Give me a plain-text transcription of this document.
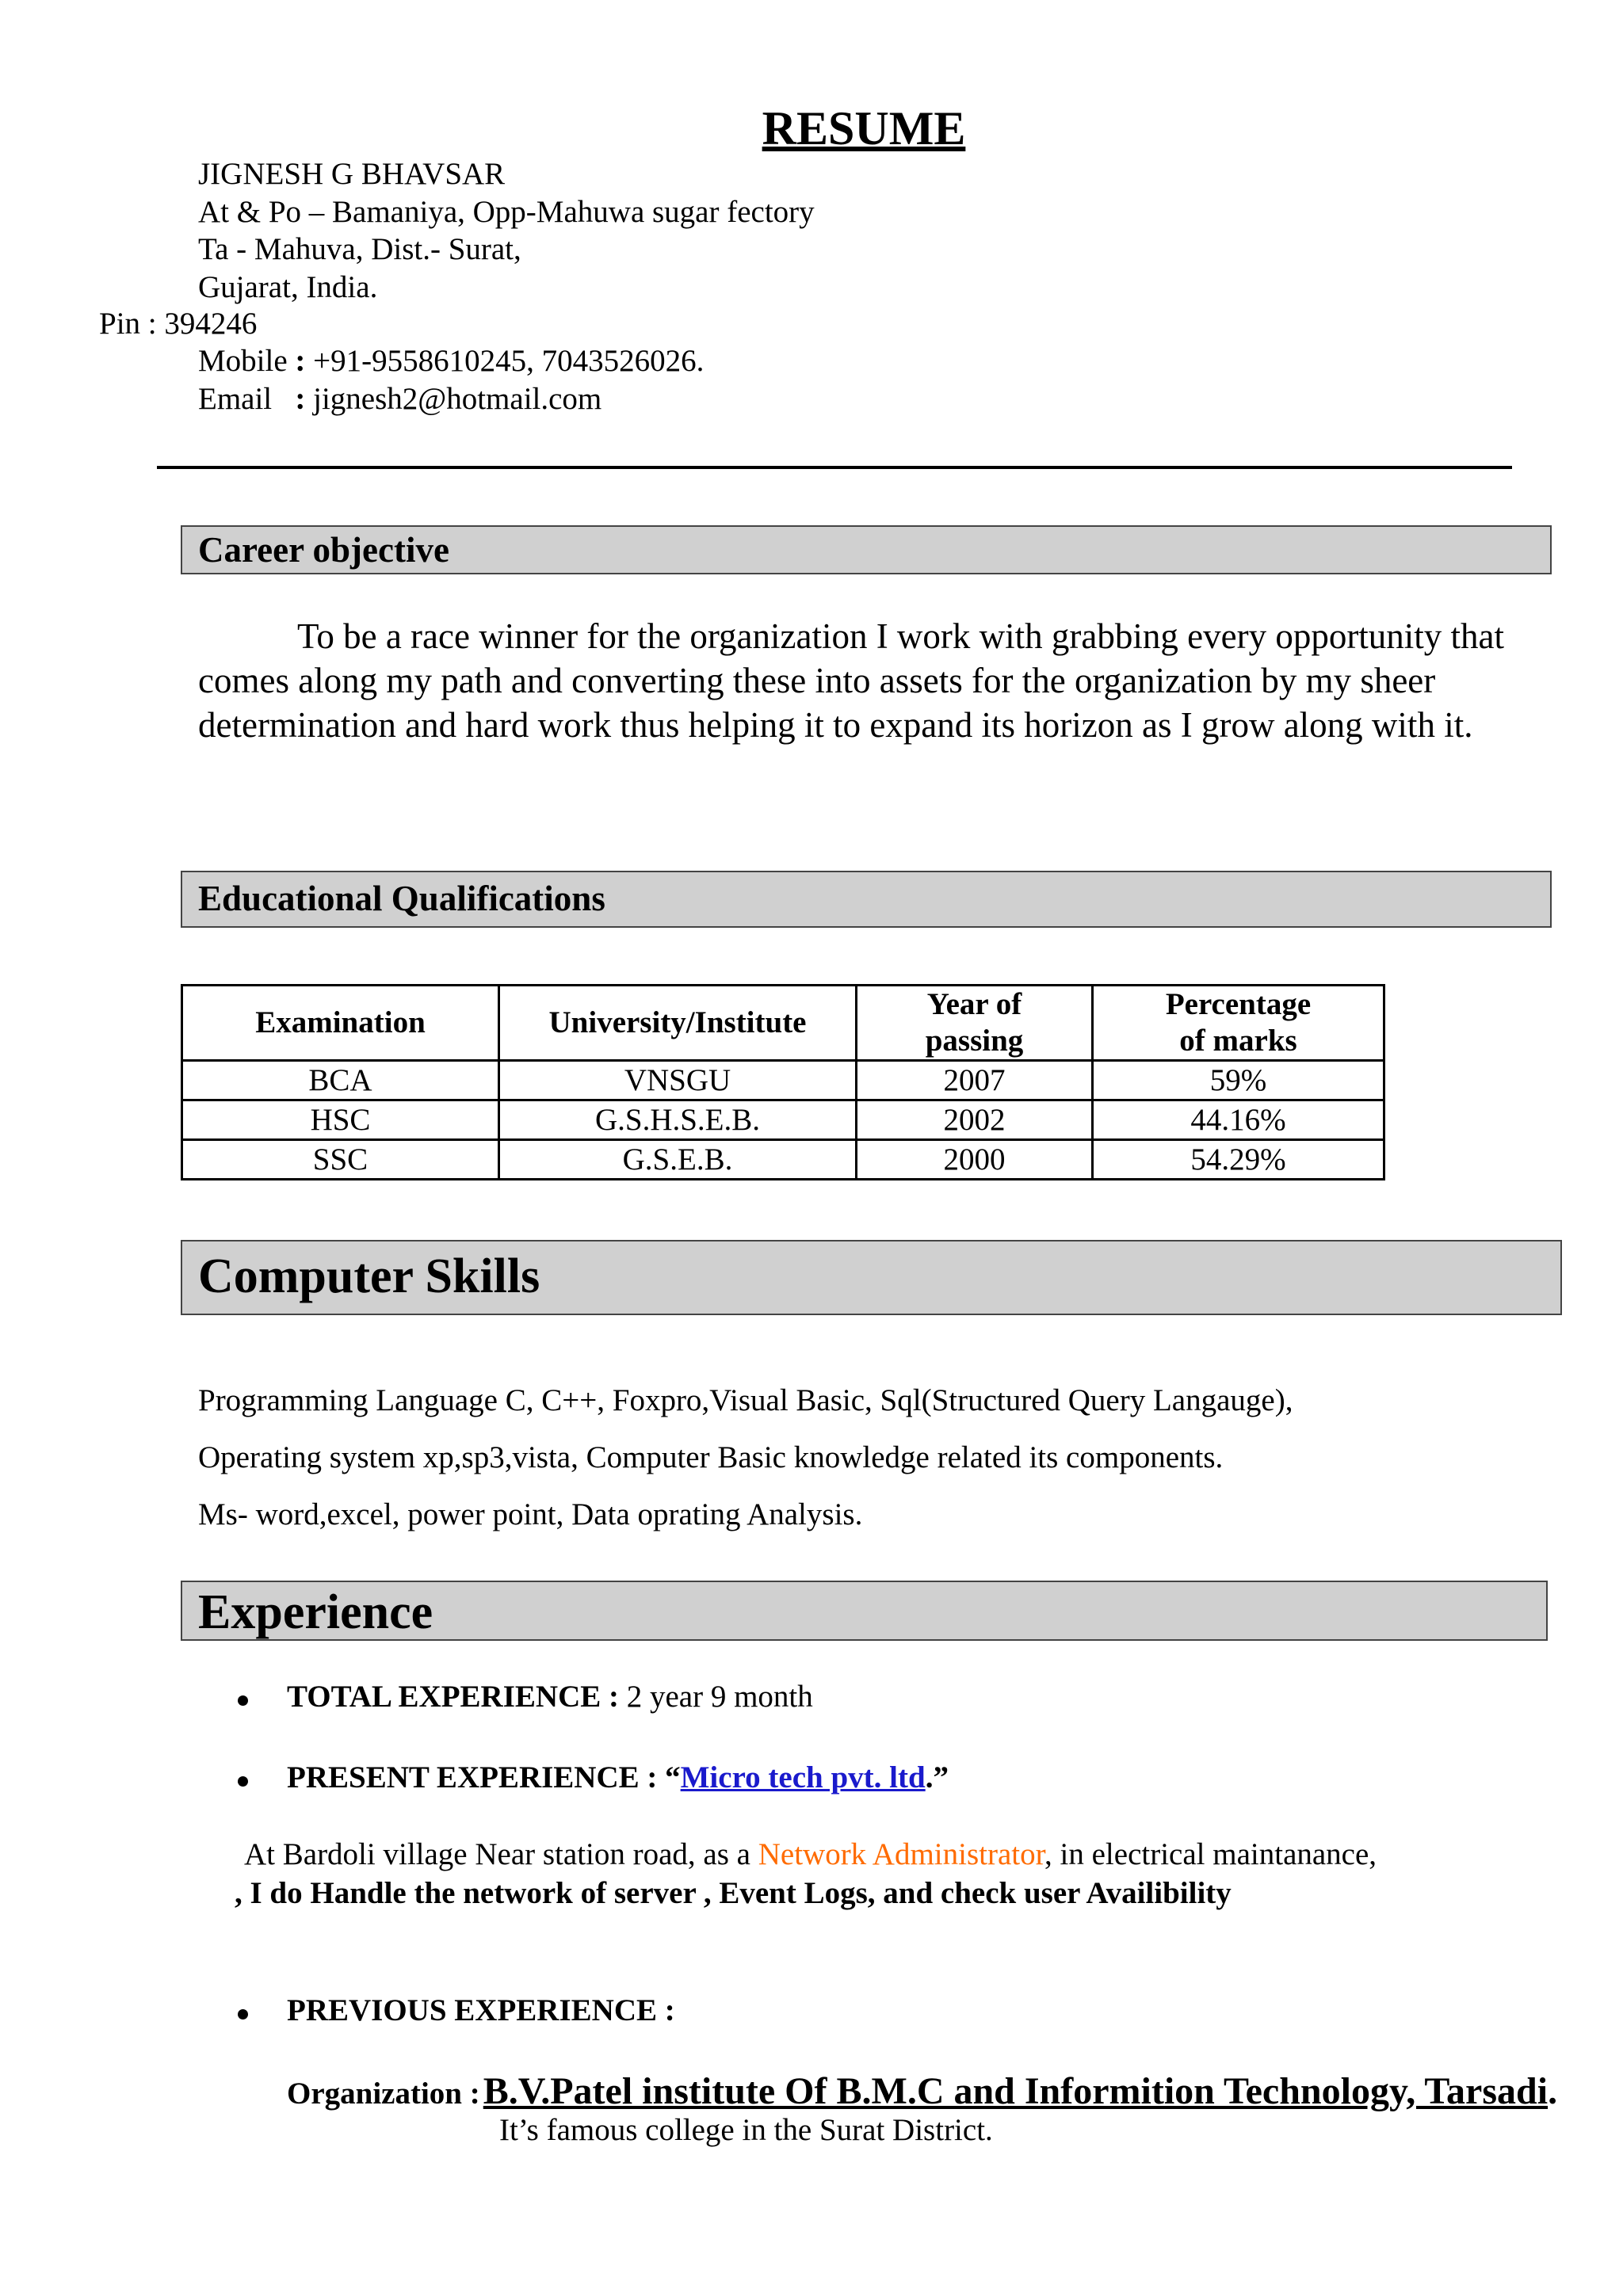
RESUME
JIGNESH G BHAVSAR
At & Po – Bamaniya, Opp-Mahuwa sugar fectory
Ta - Mahuva, Dist.- Surat,
Gujarat, India.
Pin : 394246
Mobile : +91-9558610245, 7043526026.
Email : jignesh2@hotmail.com
Career objective
To be a race winner for the organization I work with grabbing every opportunity that comes along my path and converting these into assets for the organization by my sheer determination and hard work thus helping it to expand its horizon as I grow along with it.
Educational Qualifications
Examination	University/Institute	Year of passing	Percentage of marks
BCA	VNSGU	2007	59%
HSC	G.S.H.S.E.B.	2002	44.16%
SSC	G.S.E.B.	2000	54.29%
Computer Skills
Programming Language C, C++, Foxpro,Visual Basic, Sql(Structured Query Langauge),
Operating system xp,sp3,vista, Computer Basic knowledge related its components.
Ms- word,excel, power point, Data oprating Analysis.
Experience
TOTAL EXPERIENCE : 2 year 9 month
PRESENT EXPERIENCE : “Micro tech pvt. ltd.”
At Bardoli village Near station road, as a Network Administrator, in electrical maintanance,
, I do Handle the network of server , Event Logs, and check user Availibility
PREVIOUS EXPERIENCE :
Organization : B.V.Patel institute Of B.M.C and Informition Technology, Tarsadi.
It’s famous college in the Surat District.
